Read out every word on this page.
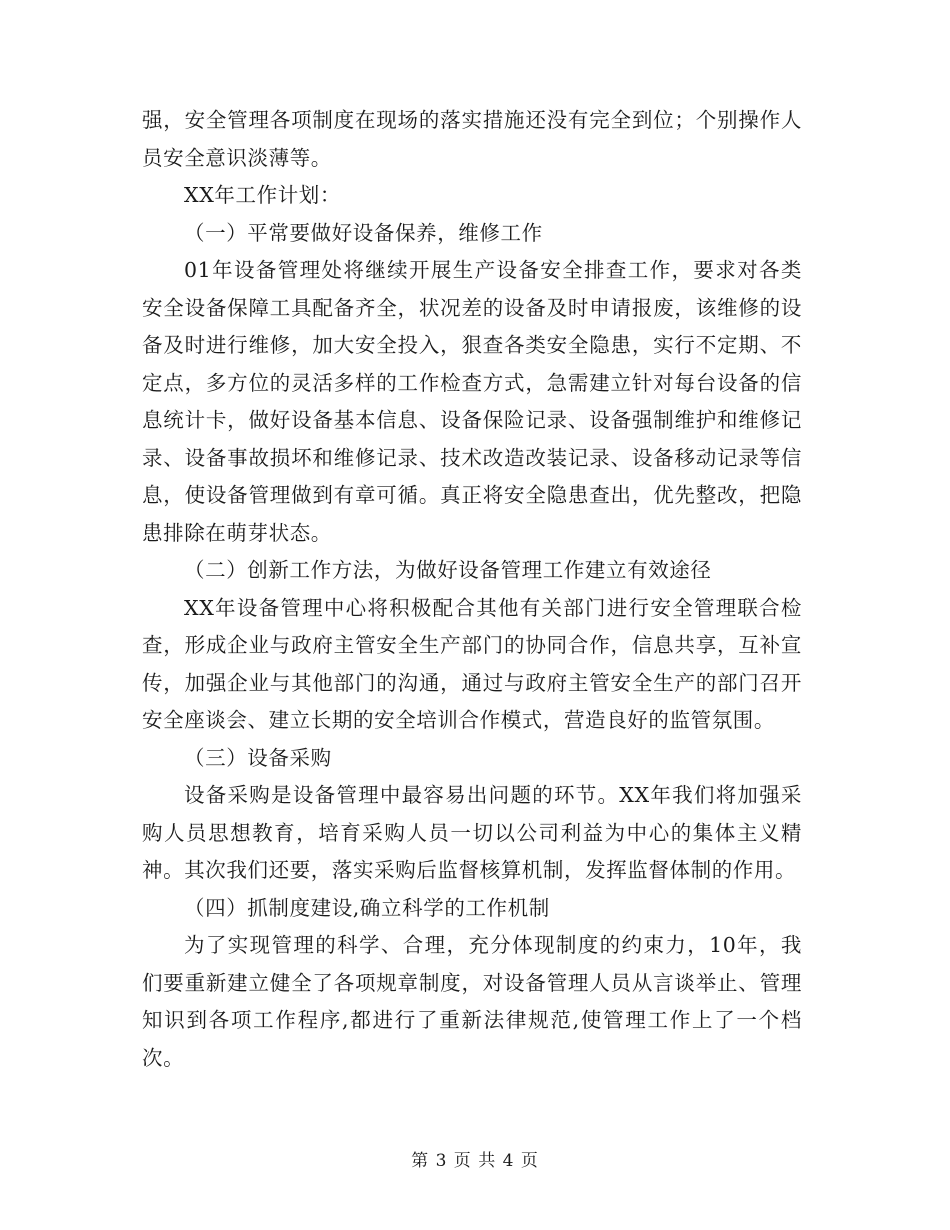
强，安全管理各项制度在现场的落实措施还没有完全到位；个别操作人员安全意识淡薄等。

XX年工作计划：

（一）平常要做好设备保养，维修工作

01年设备管理处将继续开展生产设备安全排查工作，要求对各类安全设备保障工具配备齐全，状况差的设备及时申请报废，该维修的设备及时进行维修，加大安全投入，狠查各类安全隐患，实行不定期、不定点，多方位的灵活多样的工作检查方式，急需建立针对每台设备的信息统计卡，做好设备基本信息、设备保险记录、设备强制维护和维修记录、设备事故损坏和维修记录、技术改造改装记录、设备移动记录等信息，使设备管理做到有章可循。真正将安全隐患查出，优先整改，把隐患排除在萌芽状态。

（二）创新工作方法，为做好设备管理工作建立有效途径

XX年设备管理中心将积极配合其他有关部门进行安全管理联合检查，形成企业与政府主管安全生产部门的协同合作，信息共享，互补宣传，加强企业与其他部门的沟通，通过与政府主管安全生产的部门召开安全座谈会、建立长期的安全培训合作模式，营造良好的监管氛围。

（三）设备采购

设备采购是设备管理中最容易出问题的环节。XX年我们将加强采购人员思想教育，培育采购人员一切以公司利益为中心的集体主义精神。其次我们还要，落实采购后监督核算机制，发挥监督体制的作用。

（四）抓制度建设,确立科学的工作机制

为了实现管理的科学、合理，充分体现制度的约束力，10年，我们要重新建立健全了各项规章制度，对设备管理人员从言谈举止、管理知识到各项工作程序,都进行了重新法律规范,使管理工作上了一个档次。

第 3 页 共 4 页
